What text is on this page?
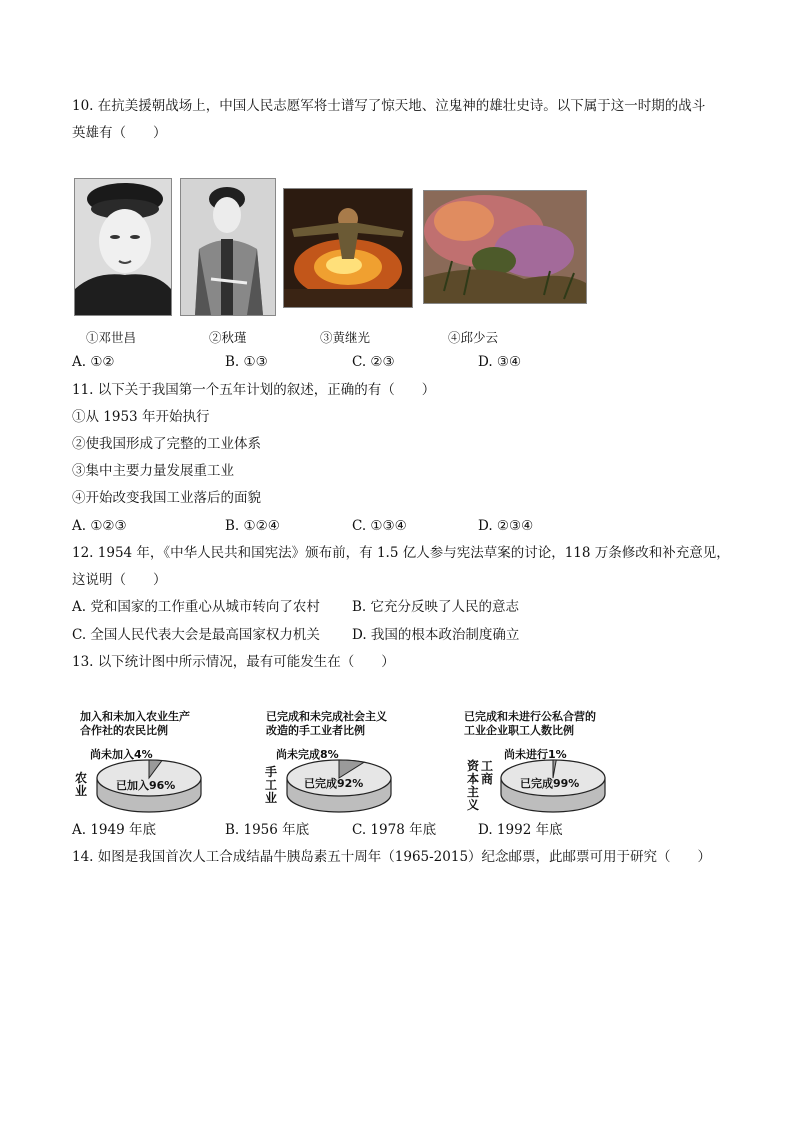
10. 在抗美援朝战场上，中国人民志愿军将士谱写了惊天地、泣鬼神的雄壮史诗。以下属于这一时期的战斗
英雄有（　　）
①邓世昌	②秋瑾	③黄继光	④邱少云
A. ①②	B. ①③	C. ②③	D. ③④
11. 以下关于我国第一个五年计划的叙述，正确的有（　　）
①从 1953 年开始执行
②使我国形成了完整的工业体系
③集中主要力量发展重工业
④开始改变我国工业落后的面貌
A. ①②③	B. ①②④	C. ①③④	D. ②③④
12. 1954 年，《中华人民共和国宪法》颁布前，有 1.5 亿人参与宪法草案的讨论，118 万条修改和补充意见，
这说明（　　）
A. 党和国家的工作重心从城市转向了农村 B. 它充分反映了人民的意志
C. 全国人民代表大会是最高国家权力机关 D. 我国的根本政治制度确立
13. 以下统计图中所示情况，最有可能发生在（　　）
加入和未加入农业生产
合作社的农民比例
农业
尚未加入4%
已加入96%
已完成和未完成社会主义
改造的手工业者比例
手工业
尚未完成8%
已完成92%
已完成和未进行公私合营的
工业企业职工人数比例
资 工
本 商
主
义
尚未进行1%
已完成99%
A. 1949 年底	B. 1956 年底	C. 1978 年底	D. 1992 年底
14. 如图是我国首次人工合成结晶牛胰岛素五十周年（1965-2015）纪念邮票，此邮票可用于研究（　　）
